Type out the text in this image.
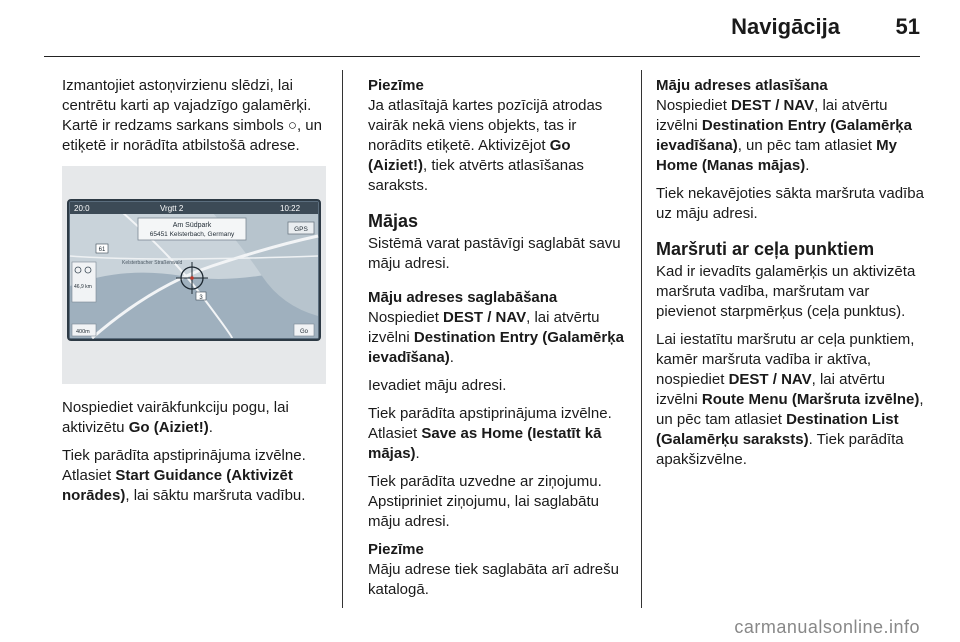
Navigācija	51

Izmantojiet astoņvirzienu slēdzi, lai centrētu karti ap vajadzīgo galamērķi.

Kartē ir redzams sarkans simbols ○, un etiķetē ir norādīta atbilstošā adrese.

20:0	Vrgtt 2	10:22
Am Südpark
65451 Kelsterbach, Germany
GPS
61
Kelsterbacher Straßenwald
46,9 km
3
400m	Go

Nospiediet vairākfunkciju pogu, lai aktivizētu Go (Aiziet!).

Tiek parādīta apstiprinājuma izvēlne. Atlasiet Start Guidance (Aktivizēt norādes), lai sāktu maršruta vadību.

Piezīme

Ja atlasītajā kartes pozīcijā atrodas vairāk nekā viens objekts, tas ir norādīts etiķetē. Aktivizējot Go (Aiziet!), tiek atvērts atlasīšanas saraksts.

Mājas

Sistēmā varat pastāvīgi saglabāt savu māju adresi.

Māju adreses saglabāšana

Nospiediet DEST / NAV, lai atvērtu izvēlni Destination Entry (Galamērķa ievadīšana).

Ievadiet māju adresi.

Tiek parādīta apstiprinājuma izvēlne. Atlasiet Save as Home (Iestatīt kā mājas).

Tiek parādīta uzvedne ar ziņojumu. Apstipriniet ziņojumu, lai saglabātu māju adresi.

Piezīme

Māju adrese tiek saglabāta arī adrešu katalogā.

Māju adreses atlasīšana

Nospiediet DEST / NAV, lai atvērtu izvēlni Destination Entry (Galamērķa ievadīšana), un pēc tam atlasiet My Home (Manas mājas).

Tiek nekavējoties sākta maršruta vadība uz māju adresi.

Maršruti ar ceļa punktiem

Kad ir ievadīts galamērķis un aktivizēta maršruta vadība, maršrutam var pievienot starpmērķus (ceļa punktus).

Lai iestatītu maršrutu ar ceļa punktiem, kamēr maršruta vadība ir aktīva, nospiediet DEST / NAV, lai atvērtu izvēlni Route Menu (Maršruta izvēlne), un pēc tam atlasiet Destination List (Galamērķu saraksts). Tiek parādīta apakšizvēlne.

carmanualsonline.info
